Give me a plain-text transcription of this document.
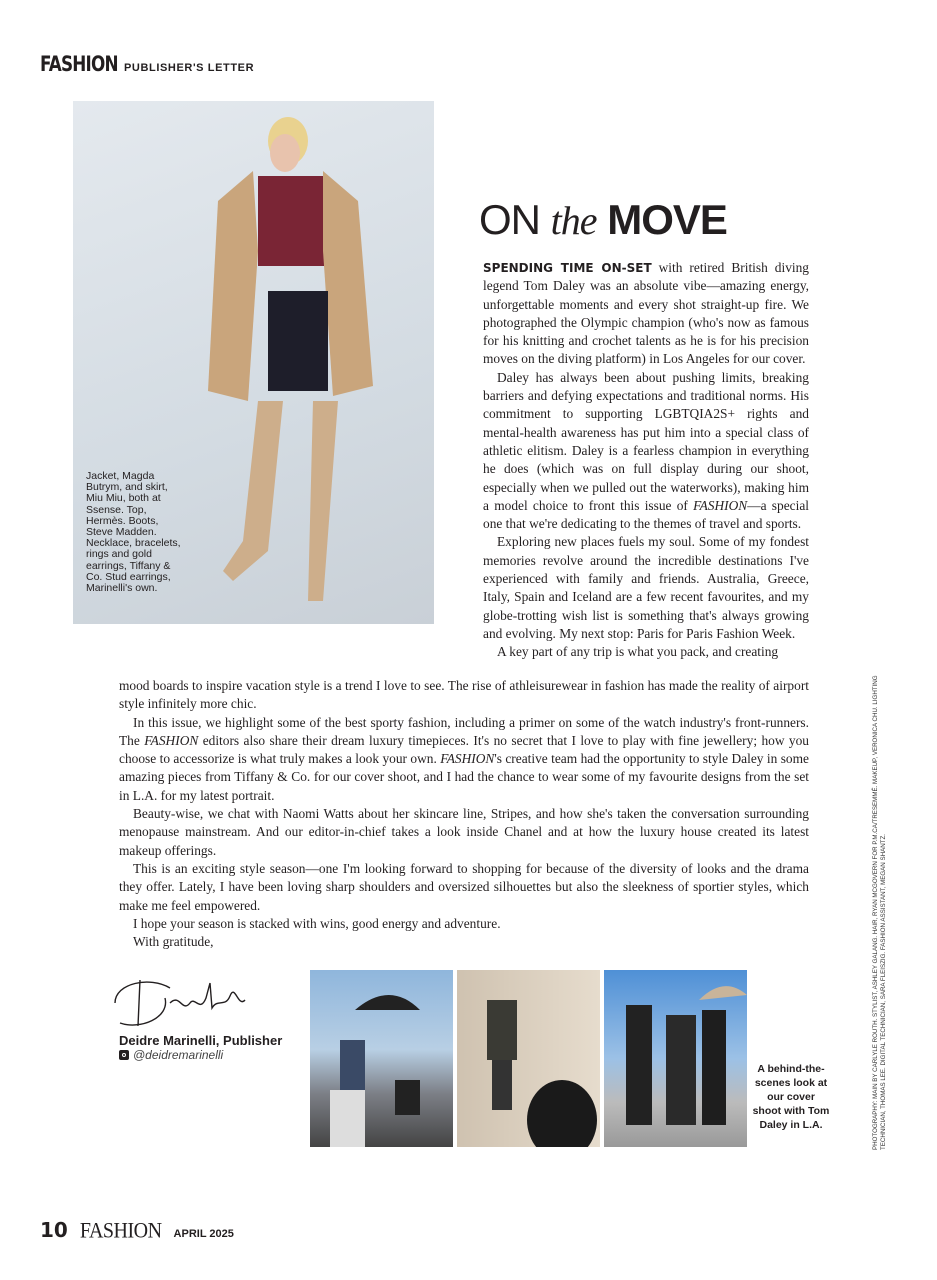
FASHION PUBLISHER'S LETTER
Jacket, Magda Butrym, and skirt, Miu Miu, both at Ssense. Top, Hermès. Boots, Steve Madden. Necklace, bracelets, rings and gold earrings, Tiffany & Co. Stud earrings, Marinelli's own.
ON the MOVE

SPENDING TIME ON-SET with retired British diving legend Tom Daley was an absolute vibe—amazing energy, unforgettable moments and every shot straight-up fire. We photographed the Olympic champion (who's now as famous for his knitting and crochet talents as he is for his precision moves on the diving platform) in Los Angeles for our cover.

Daley has always been about pushing limits, breaking barriers and defying expectations and traditional norms. His commitment to supporting LGBTQIA2S+ rights and mental-health awareness has put him into a special class of athletic elitism. Daley is a fearless champion in everything he does (which was on full display during our shoot, especially when we pulled out the waterworks), making him a model choice to front this issue of FASHION—a special one that we're dedicating to the themes of travel and sports.

Exploring new places fuels my soul. Some of my fondest memories revolve around the incredible destinations I've experienced with family and friends. Australia, Greece, Italy, Spain and Iceland are a few recent favourites, and my globe-trotting wish list is something that's always growing and evolving. My next stop: Paris for Paris Fashion Week.

A key part of any trip is what you pack, and creating

mood boards to inspire vacation style is a trend I love to see. The rise of athleisurewear in fashion has made the reality of airport style infinitely more chic.

In this issue, we highlight some of the best sporty fashion, including a primer on some of the watch industry's front-runners. The FASHION editors also share their dream luxury timepieces. It's no secret that I love to play with fine jewellery; how you choose to accessorize is what truly makes a look your own. FASHION's creative team had the opportunity to style Daley in some amazing pieces from Tiffany & Co. for our cover shoot, and I had the chance to wear some of my favourite designs from the set in L.A. for my latest portrait.

Beauty-wise, we chat with Naomi Watts about her skincare line, Stripes, and how she's taken the conversation surrounding menopause mainstream. And our editor-in-chief takes a look inside Chanel and at how the luxury house created its latest makeup offerings.

This is an exciting style season—one I'm looking forward to shopping for because of the diversity of looks and the drama they offer. Lately, I have been loving sharp shoulders and oversized silhouettes but also the sleekness of sportier styles, which make me feel empowered.

I hope your season is stacked with wins, good energy and adventure.

With gratitude,

Deidre Marinelli, Publisher
@deidremarinelli
A behind-the-scenes look at our cover shoot with Tom Daley in L.A.	PHOTOGRAPHY: MAIN BY CARLYLE ROUTH. STYLIST, ASHLEY GALANG. HAIR, RYAN MCGOVERN FOR P.M.CA/TRESEMMÉ. MAKEUP, VERONICA CHU. LIGHTING TECHNICIAN, THOMAS LEE. DIGITAL TECHNICIAN, SARA FLEISZIG. FASHION ASSISTANT, MEGAN SHANTZ.
10 FASHION APRIL 2025
